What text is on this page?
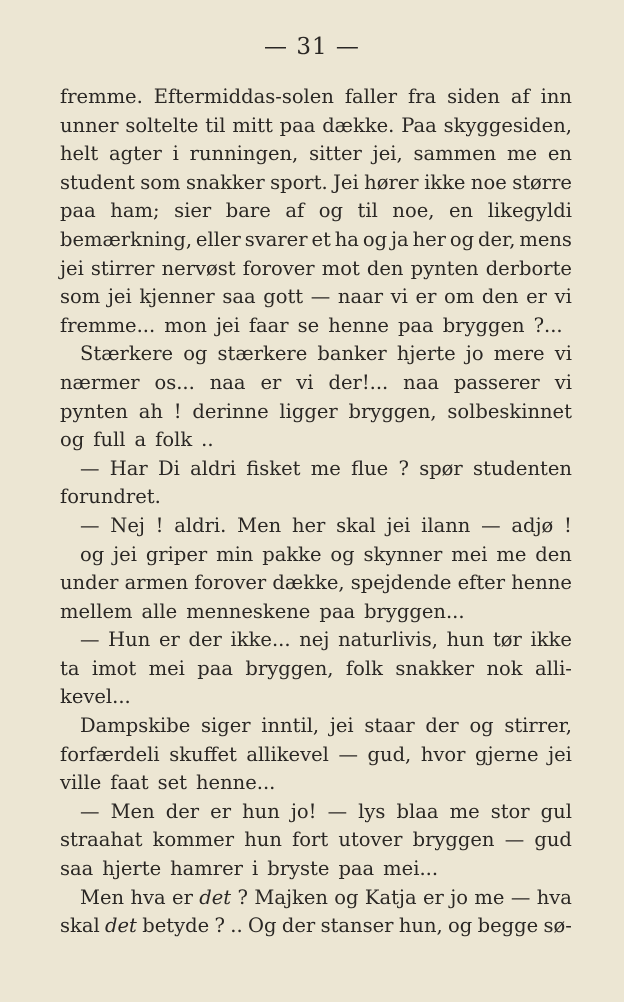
— 31 —
fremme. Eftermiddas-solen faller fra siden af inn
unner soltelte til mitt paa dække. Paa skyggesiden,
helt agter i runningen, sitter jei, sammen me en
student som snakker sport. Jei hører ikke noe større
paa ham; sier bare af og til noe, en likegyldi
bemærkning, eller svarer et ha og ja her og der, mens
jei stirrer nervøst forover mot den pynten derborte
som jei kjenner saa gott — naar vi er om den er vi
fremme... mon jei faar se henne paa bryggen ?...
Stærkere og stærkere banker hjerte jo mere vi
nærmer os... naa er vi der!... naa passerer vi
pynten ah ! derinne ligger bryggen, solbeskinnet
og full a folk ..
— Har Di aldri fisket me flue ? spør studenten
forundret.
— Nej ! aldri. Men her skal jei ilann — adjø !
og jei griper min pakke og skynner mei me den
under armen forover dække, spejdende efter henne
mellem alle menneskene paa bryggen...
— Hun er der ikke... nej naturlivis, hun tør ikke
ta imot mei paa bryggen, folk snakker nok alli-
kevel...
Dampskibe siger inntil, jei staar der og stirrer,
forfærdeli skuffet allikevel — gud, hvor gjerne jei
ville faat set henne...
— Men der er hun jo! — lys blaa me stor gul
straahat kommer hun fort utover bryggen — gud
saa hjerte hamrer i bryste paa mei...
Men hva er det ? Majken og Katja er jo me — hva
skal det betyde ? .. Og der stanser hun, og begge sø-
